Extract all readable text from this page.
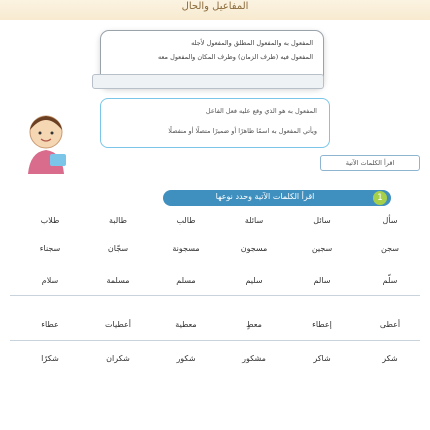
المفاعيل والحال
المفعول به والمفعول المطلق والمفعول لأجله
المفعول فيه (ظرف الزمان) وظرف المكان والمفعول معه
المفعول به هو الذي وقع عليه فعل الفاعل
ويأتي المفعول به اسمًا ظاهرًا أو ضميرًا متصلًا أو منفصلًا
اقرأ الكلمات الآتية
اقرأ الكلمات الآتية وحدد نوعها	1
سأل
سائل
سائلة
طالب
طالبة
طلاب
سجن
سجين
مسجون
مسجونة
سجّان
سجناء
سلّم
سالم
سليم
مسلم
مسلمة
سلام
أعطى
إعطاء
معطٍ
معطية
أعطيات
عطاء
شكر
شاكر
مشكور
شكور
شكران
شكرًا
